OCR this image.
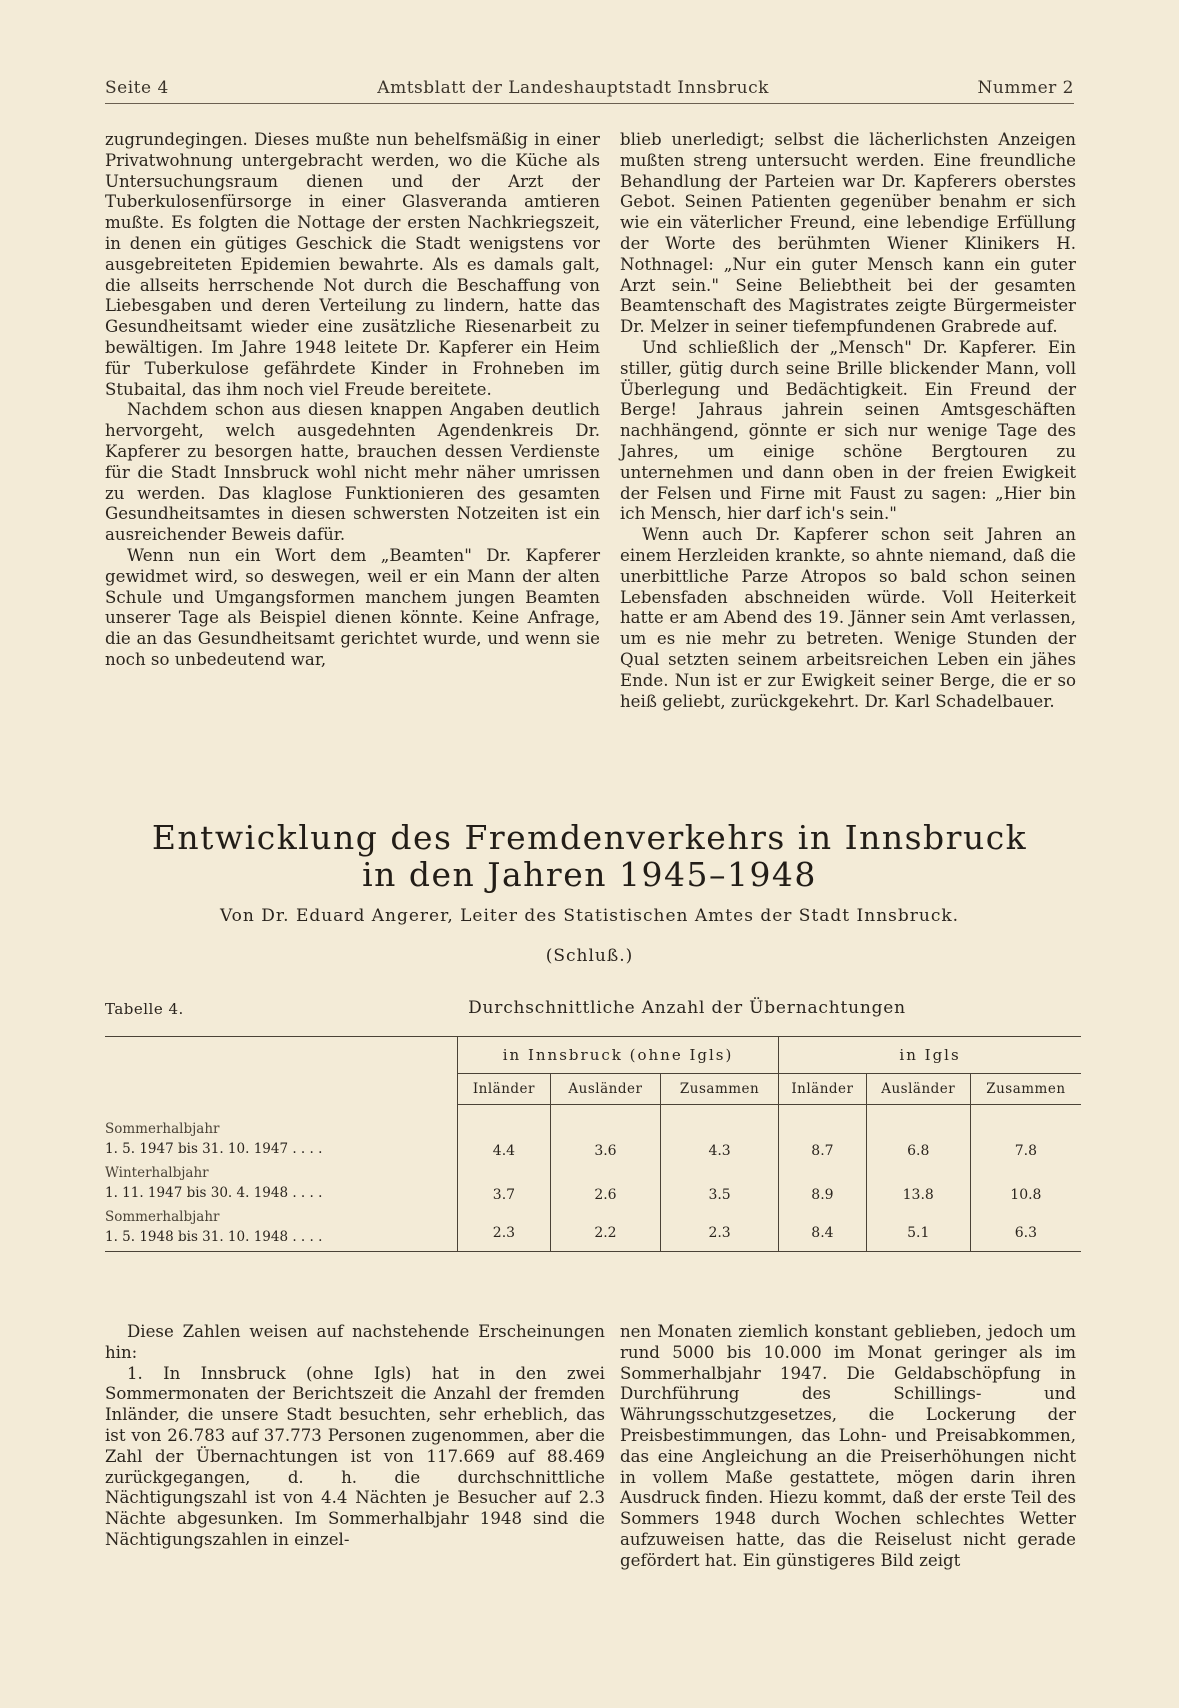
Seite 4	Amtsblatt der Landeshauptstadt Innsbruck	Nummer 2

zugrundegingen. Dieses mußte nun behelfsmäßig in einer Privatwohnung untergebracht werden, wo die Küche als Untersuchungsraum dienen und der Arzt der Tuberkulosenfürsorge in einer Glasveranda amtieren mußte. Es folgten die Nottage der ersten Nachkriegszeit, in denen ein gütiges Geschick die Stadt wenigstens vor ausgebreiteten Epidemien bewahrte. Als es damals galt, die allseits herrschende Not durch die Beschaffung von Liebesgaben und deren Verteilung zu lindern, hatte das Gesundheitsamt wieder eine zusätzliche Riesenarbeit zu bewältigen. Im Jahre 1948 leitete Dr. Kapferer ein Heim für Tuberkulose gefährdete Kinder in Frohneben im Stubaital, das ihm noch viel Freude bereitete.

Nachdem schon aus diesen knappen Angaben deutlich hervorgeht, welch ausgedehnten Agendenkreis Dr. Kapferer zu besorgen hatte, brauchen dessen Verdienste für die Stadt Innsbruck wohl nicht mehr näher umrissen zu werden. Das klaglose Funktionieren des gesamten Gesundheitsamtes in diesen schwersten Notzeiten ist ein ausreichender Beweis dafür.

Wenn nun ein Wort dem „Beamten" Dr. Kapferer gewidmet wird, so deswegen, weil er ein Mann der alten Schule und Umgangsformen manchem jungen Beamten unserer Tage als Beispiel dienen könnte. Keine Anfrage, die an das Gesundheitsamt gerichtet wurde, und wenn sie noch so unbedeutend war,

blieb unerledigt; selbst die lächerlichsten Anzeigen mußten streng untersucht werden. Eine freundliche Behandlung der Parteien war Dr. Kapferers oberstes Gebot. Seinen Patienten gegenüber benahm er sich wie ein väterlicher Freund, eine lebendige Erfüllung der Worte des berühmten Wiener Klinikers H. Nothnagel: „Nur ein guter Mensch kann ein guter Arzt sein." Seine Beliebtheit bei der gesamten Beamtenschaft des Magistrates zeigte Bürgermeister Dr. Melzer in seiner tiefempfundenen Grabrede auf.

Und schließlich der „Mensch" Dr. Kapferer. Ein stiller, gütig durch seine Brille blickender Mann, voll Überlegung und Bedächtigkeit. Ein Freund der Berge! Jahraus jahrein seinen Amtsgeschäften nachhängend, gönnte er sich nur wenige Tage des Jahres, um einige schöne Bergtouren zu unternehmen und dann oben in der freien Ewigkeit der Felsen und Firne mit Faust zu sagen: „Hier bin ich Mensch, hier darf ich's sein."

Wenn auch Dr. Kapferer schon seit Jahren an einem Herzleiden krankte, so ahnte niemand, daß die unerbittliche Parze Atropos so bald schon seinen Lebensfaden abschneiden würde. Voll Heiterkeit hatte er am Abend des 19. Jänner sein Amt verlassen, um es nie mehr zu betreten. Wenige Stunden der Qual setzten seinem arbeitsreichen Leben ein jähes Ende. Nun ist er zur Ewigkeit seiner Berge, die er so heiß geliebt, zurückgekehrt. Dr. Karl Schadelbauer.

Entwicklung des Fremdenverkehrs in Innsbruck
in den Jahren 1945–1948
Von Dr. Eduard Angerer, Leiter des Statistischen Amtes der Stadt Innsbruck.
(Schluß.)
Tabelle 4.	Durchschnittliche Anzahl der Übernachtungen
	in Innsbruck (ohne Igls)			in Igls		
	Inländer	Ausländer	Zusammen	Inländer	Ausländer	Zusammen

Sommerhalbjahr
1. 5. 1947 bis 31. 10. 1947 . . . .	4.4	3.6	4.3	8.7	6.8	7.8

Winterhalbjahr
1. 11. 1947 bis 30. 4. 1948 . . . .	3.7	2.6	3.5	8.9	13.8	10.8

Sommerhalbjahr
1. 5. 1948 bis 31. 10. 1948 . . . .	2.3	2.2	2.3	8.4	5.1	6.3

Diese Zahlen weisen auf nachstehende Erscheinungen hin:

1. In Innsbruck (ohne Igls) hat in den zwei Sommermonaten der Berichtszeit die Anzahl der fremden Inländer, die unsere Stadt besuchten, sehr erheblich, das ist von 26.783 auf 37.773 Personen zugenommen, aber die Zahl der Übernachtungen ist von 117.669 auf 88.469 zurückgegangen, d. h. die durchschnittliche Nächtigungszahl ist von 4.4 Nächten je Besucher auf 2.3 Nächte abgesunken. Im Sommerhalbjahr 1948 sind die Nächtigungszahlen in einzel-

nen Monaten ziemlich konstant geblieben, jedoch um rund 5000 bis 10.000 im Monat geringer als im Sommerhalbjahr 1947. Die Geldabschöpfung in Durchführung des Schillings- und Währungsschutzgesetzes, die Lockerung der Preisbestimmungen, das Lohn- und Preisabkommen, das eine Angleichung an die Preiserhöhungen nicht in vollem Maße gestattete, mögen darin ihren Ausdruck finden. Hiezu kommt, daß der erste Teil des Sommers 1948 durch Wochen schlechtes Wetter aufzuweisen hatte, das die Reiselust nicht gerade gefördert hat. Ein günstigeres Bild zeigt
